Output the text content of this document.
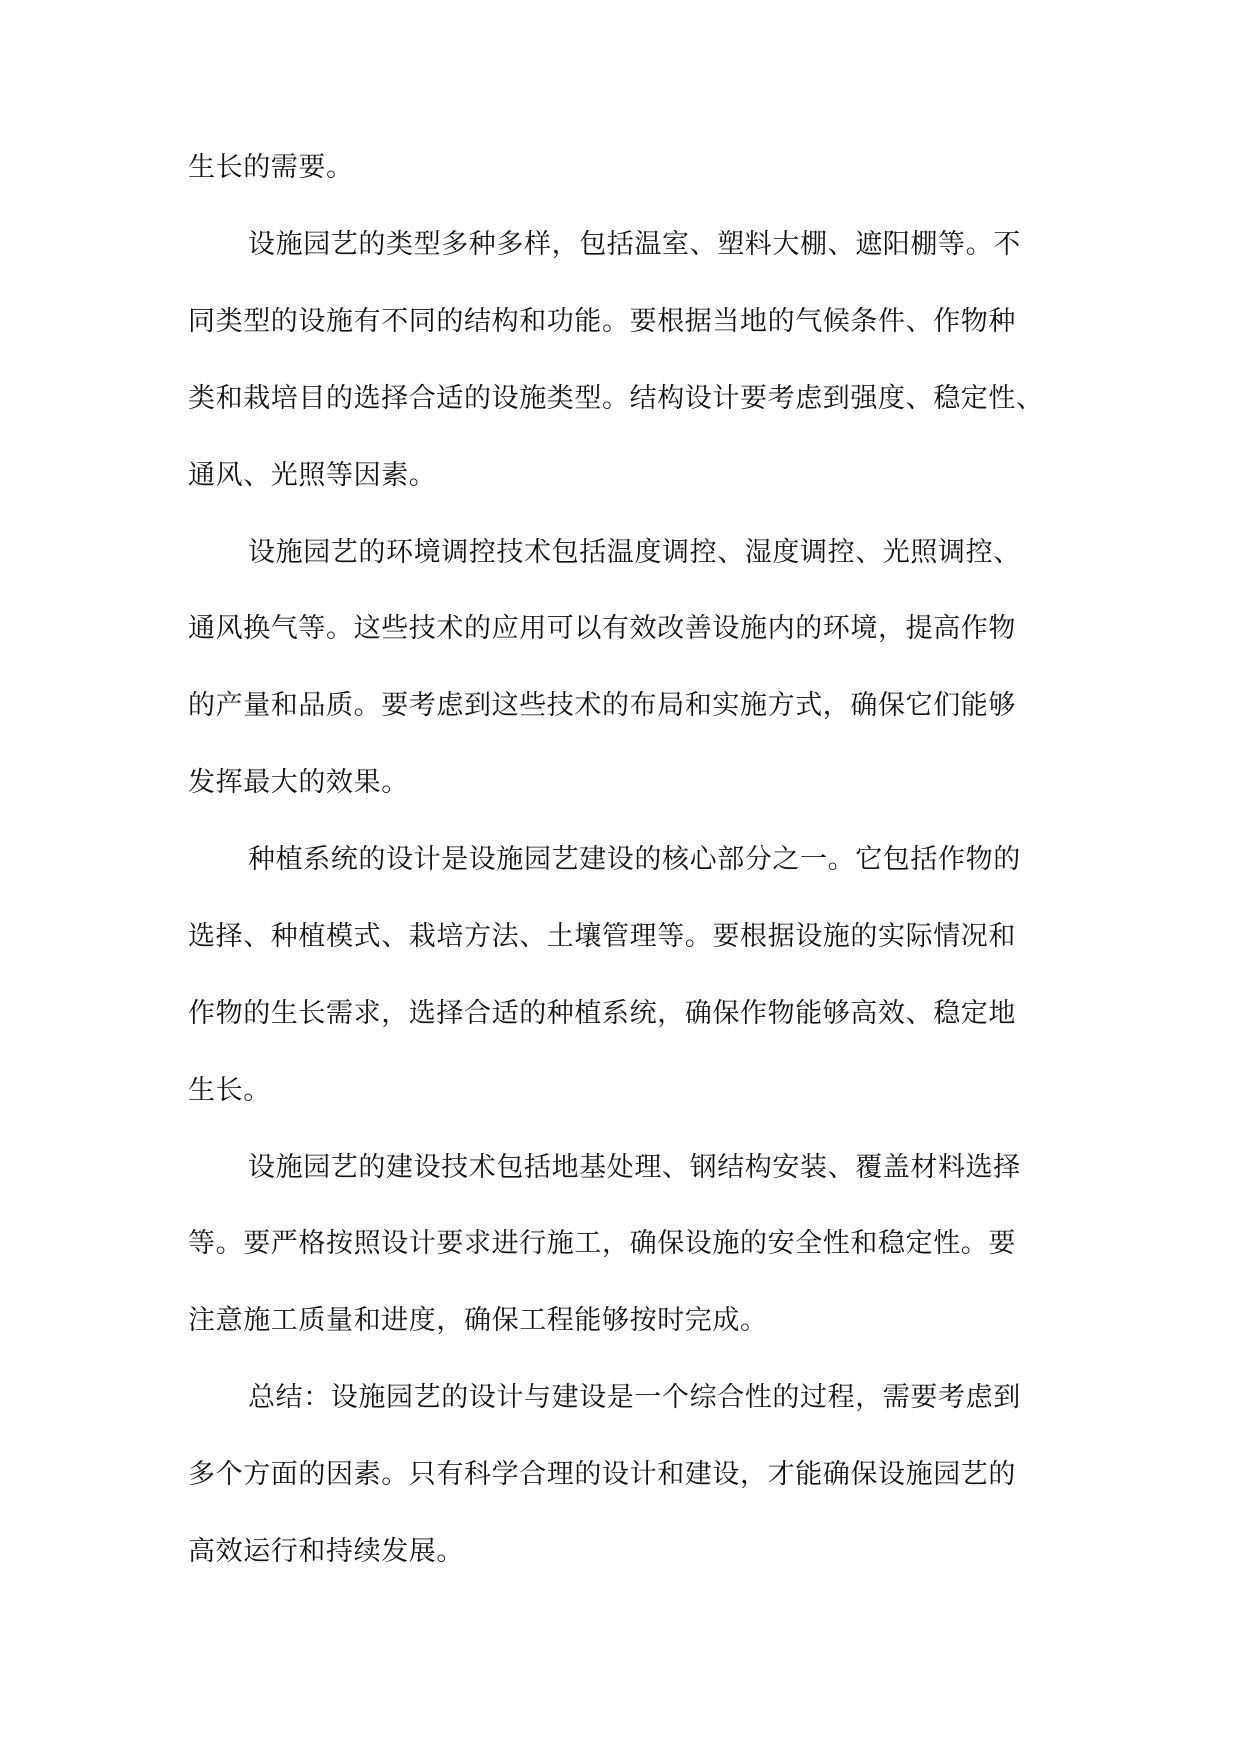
生长的需要。

设施园艺的类型多种多样，包括温室、塑料大棚、遮阳棚等。不

同类型的设施有不同的结构和功能。要根据当地的气候条件、作物种

类和栽培目的选择合适的设施类型。结构设计要考虑到强度、稳定性、

通风、光照等因素。

设施园艺的环境调控技术包括温度调控、湿度调控、光照调控、

通风换气等。这些技术的应用可以有效改善设施内的环境，提高作物

的产量和品质。要考虑到这些技术的布局和实施方式，确保它们能够

发挥最大的效果。

种植系统的设计是设施园艺建设的核心部分之一。它包括作物的

选择、种植模式、栽培方法、土壤管理等。要根据设施的实际情况和

作物的生长需求，选择合适的种植系统，确保作物能够高效、稳定地

生长。

设施园艺的建设技术包括地基处理、钢结构安装、覆盖材料选择

等。要严格按照设计要求进行施工，确保设施的安全性和稳定性。要

注意施工质量和进度，确保工程能够按时完成。

总结：设施园艺的设计与建设是一个综合性的过程，需要考虑到

多个方面的因素。只有科学合理的设计和建设，才能确保设施园艺的

高效运行和持续发展。
